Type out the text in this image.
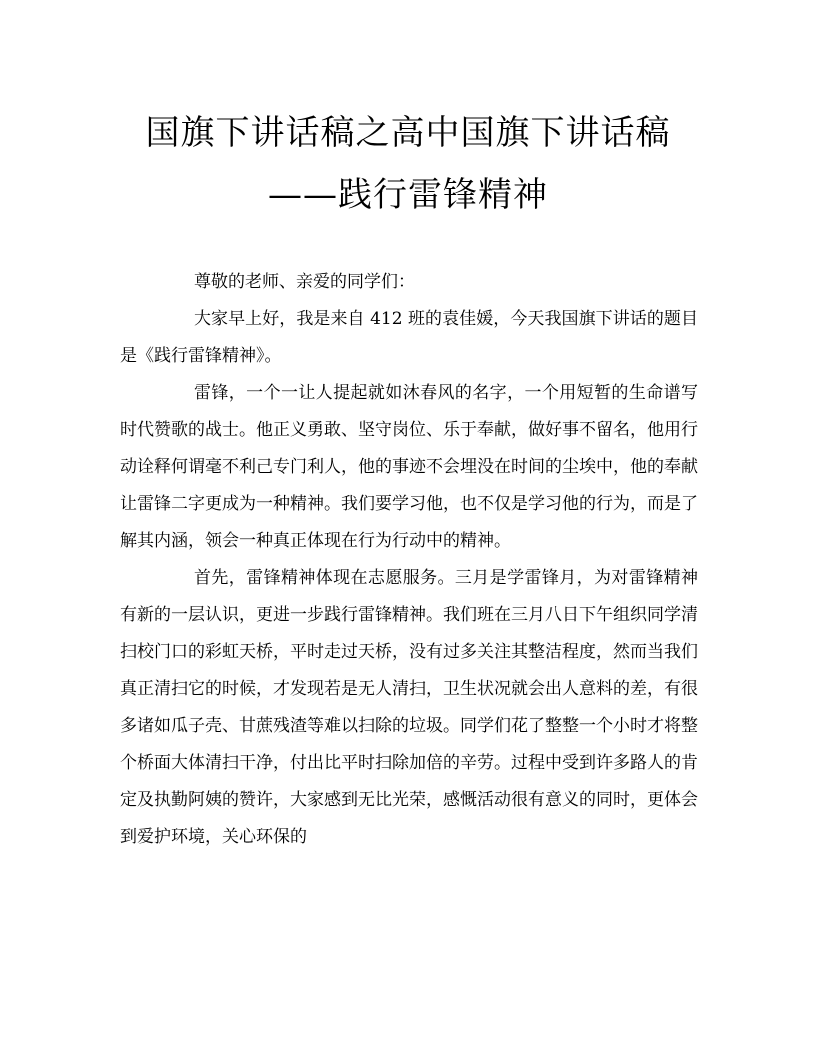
国旗下讲话稿之高中国旗下讲话稿
——践行雷锋精神

尊敬的老师、亲爱的同学们：

大家早上好，我是来自 412 班的袁佳媛，今天我国旗下讲话的题目是《践行雷锋精神》。

雷锋，一个一让人提起就如沐春风的名字，一个用短暂的生命谱写时代赞歌的战士。他正义勇敢、坚守岗位、乐于奉献，做好事不留名，他用行动诠释何谓毫不利己专门利人，他的事迹不会埋没在时间的尘埃中，他的奉献让雷锋二字更成为一种精神。我们要学习他，也不仅是学习他的行为，而是了解其内涵，领会一种真正体现在行为行动中的精神。

首先，雷锋精神体现在志愿服务。三月是学雷锋月，为对雷锋精神有新的一层认识，更进一步践行雷锋精神。我们班在三月八日下午组织同学清扫校门口的彩虹天桥，平时走过天桥，没有过多关注其整洁程度，然而当我们真正清扫它的时候，才发现若是无人清扫，卫生状况就会出人意料的差，有很多诸如瓜子壳、甘蔗残渣等难以扫除的垃圾。同学们花了整整一个小时才将整个桥面大体清扫干净，付出比平时扫除加倍的辛劳。过程中受到许多路人的肯定及执勤阿姨的赞许，大家感到无比光荣，感慨活动很有意义的同时，更体会到爱护环境，关心环保的
